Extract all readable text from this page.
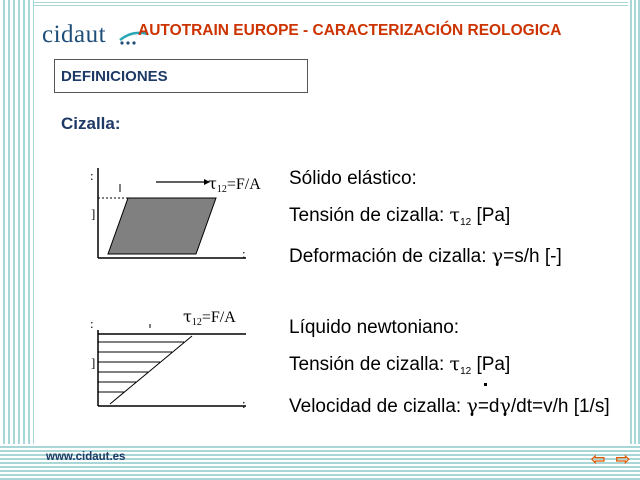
cidaut AUTOTRAIN EUROPE - CARACTERIZACIÓN REOLOGICA
DEFINICIONES
Cizalla:
:
]
:
$\tau_{12}=F/A$ Sólido elástico:
Tensión de cizalla: $\tau_{12}$ [Pa]
Deformación de cizalla: γ=s/h [-]
:
]
:
$\tau_{12}=F/A$	Líquido newtoniano:
Tensión de cizalla: $\tau_{12}$ [Pa]
Velocidad de cizalla: γ=dγ/dt=v/h [1/s]
www.cidaut.es	⇦ ⇨
